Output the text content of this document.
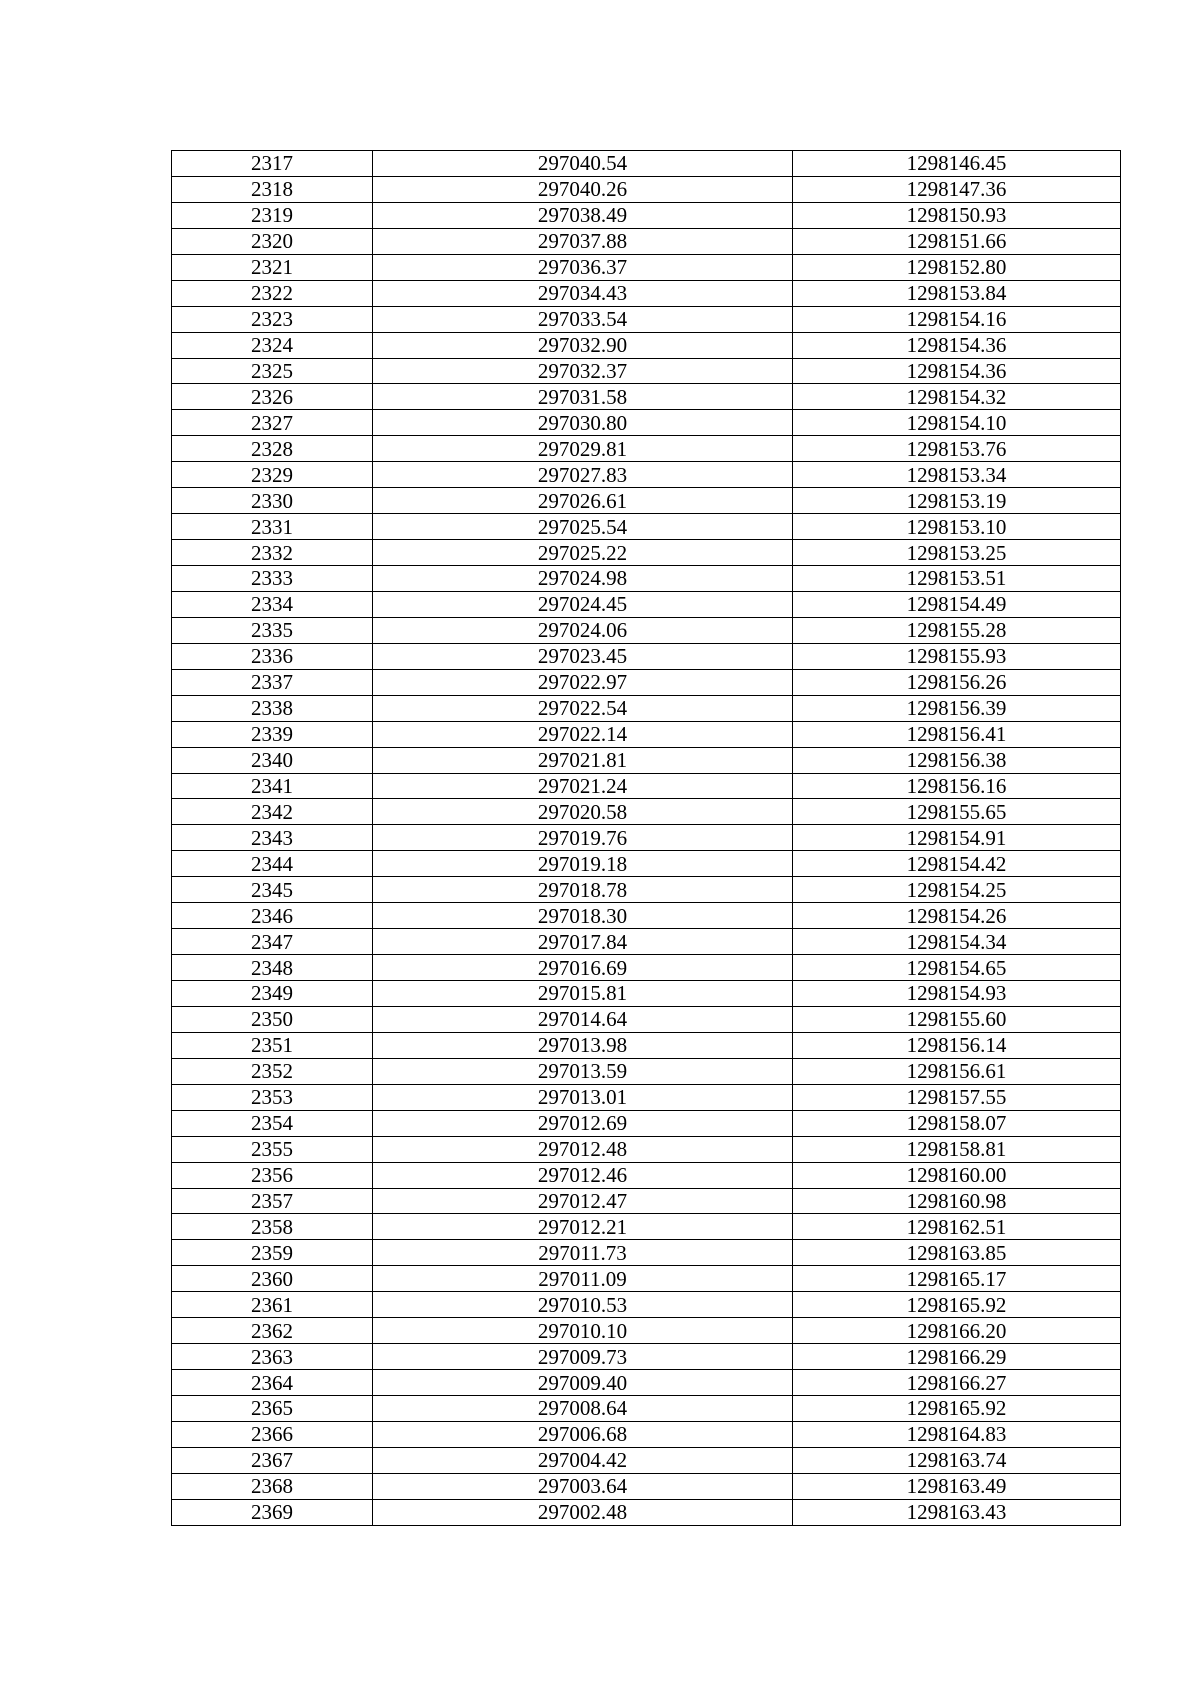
2317	297040.54	1298146.45
2318	297040.26	1298147.36
2319	297038.49	1298150.93
2320	297037.88	1298151.66
2321	297036.37	1298152.80
2322	297034.43	1298153.84
2323	297033.54	1298154.16
2324	297032.90	1298154.36
2325	297032.37	1298154.36
2326	297031.58	1298154.32
2327	297030.80	1298154.10
2328	297029.81	1298153.76
2329	297027.83	1298153.34
2330	297026.61	1298153.19
2331	297025.54	1298153.10
2332	297025.22	1298153.25
2333	297024.98	1298153.51
2334	297024.45	1298154.49
2335	297024.06	1298155.28
2336	297023.45	1298155.93
2337	297022.97	1298156.26
2338	297022.54	1298156.39
2339	297022.14	1298156.41
2340	297021.81	1298156.38
2341	297021.24	1298156.16
2342	297020.58	1298155.65
2343	297019.76	1298154.91
2344	297019.18	1298154.42
2345	297018.78	1298154.25
2346	297018.30	1298154.26
2347	297017.84	1298154.34
2348	297016.69	1298154.65
2349	297015.81	1298154.93
2350	297014.64	1298155.60
2351	297013.98	1298156.14
2352	297013.59	1298156.61
2353	297013.01	1298157.55
2354	297012.69	1298158.07
2355	297012.48	1298158.81
2356	297012.46	1298160.00
2357	297012.47	1298160.98
2358	297012.21	1298162.51
2359	297011.73	1298163.85
2360	297011.09	1298165.17
2361	297010.53	1298165.92
2362	297010.10	1298166.20
2363	297009.73	1298166.29
2364	297009.40	1298166.27
2365	297008.64	1298165.92
2366	297006.68	1298164.83
2367	297004.42	1298163.74
2368	297003.64	1298163.49
2369	297002.48	1298163.43
